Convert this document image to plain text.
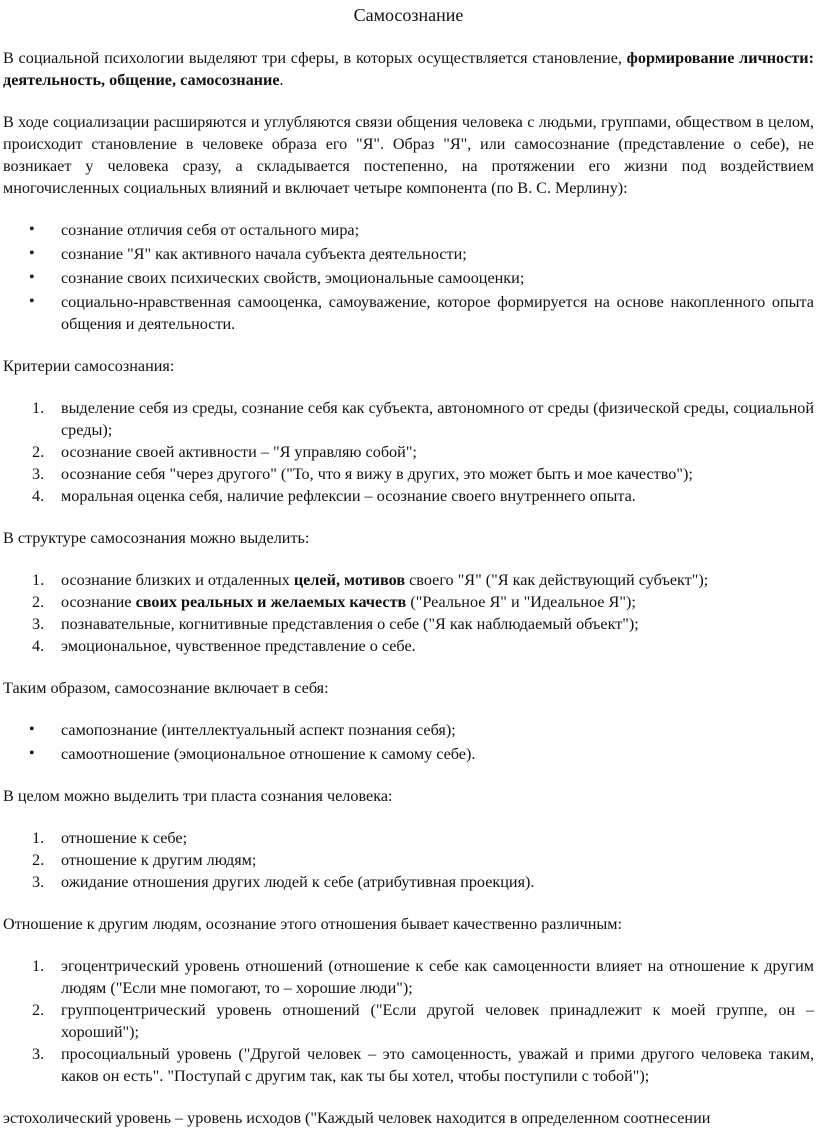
Самосознание

В социальной психологии выделяют три сферы, в которых осуществляется становление, формирование личности: деятельность, общение, самосознание.

В ходе социализации расширяются и углубляются связи общения человека с людьми, группами, обществом в целом, происходит становление в человеке образа его "Я". Образ "Я", или самосознание (представление о себе), не возникает у человека сразу, а складывается постепенно, на протяжении его жизни под воздействием многочисленных социальных влияний и включает четыре компонента (по В. С. Мерлину):

• сознание отличия себя от остального мира;
• сознание "Я" как активного начала субъекта деятельности;
• сознание своих психических свойств, эмоциональные самооценки;
• социально-нравственная самооценка, самоуважение, которое формируется на основе накопленного опыта общения и деятельности.

Критерии самосознания:

1. выделение себя из среды, сознание себя как субъекта, автономного от среды (физической среды, социальной среды);
2. осознание своей активности – "Я управляю собой";
3. осознание себя "через другого" ("То, что я вижу в других, это может быть и мое качество");
4. моральная оценка себя, наличие рефлексии – осознание своего внутреннего опыта.

В структуре самосознания можно выделить:

1. осознание близких и отдаленных целей, мотивов своего "Я" ("Я как действующий субъект");
2. осознание своих реальных и желаемых качеств ("Реальное Я" и "Идеальное Я");
3. познавательные, когнитивные представления о себе ("Я как наблюдаемый объект");
4. эмоциональное, чувственное представление о себе.

Таким образом, самосознание включает в себя:

• самопознание (интеллектуальный аспект познания себя);
• самоотношение (эмоциональное отношение к самому себе).

В целом можно выделить три пласта сознания человека:

1. отношение к себе;
2. отношение к другим людям;
3. ожидание отношения других людей к себе (атрибутивная проекция).

Отношение к другим людям, осознание этого отношения бывает качественно различным:

1. эгоцентрический уровень отношений (отношение к себе как самоценности влияет на отношение к другим людям ("Если мне помогают, то – хорошие люди");
2. группоцентрический уровень отношений ("Если другой человек принадлежит к моей группе, он – хороший");
3. просоциальный уровень ("Другой человек – это самоценность, уважай и прими другого человека таким, каков он есть". "Поступай с другим так, как ты бы хотел, чтобы поступили с тобой");

эстохолический уровень – уровень исходов ("Каждый человек находится в определенном соотнесении
